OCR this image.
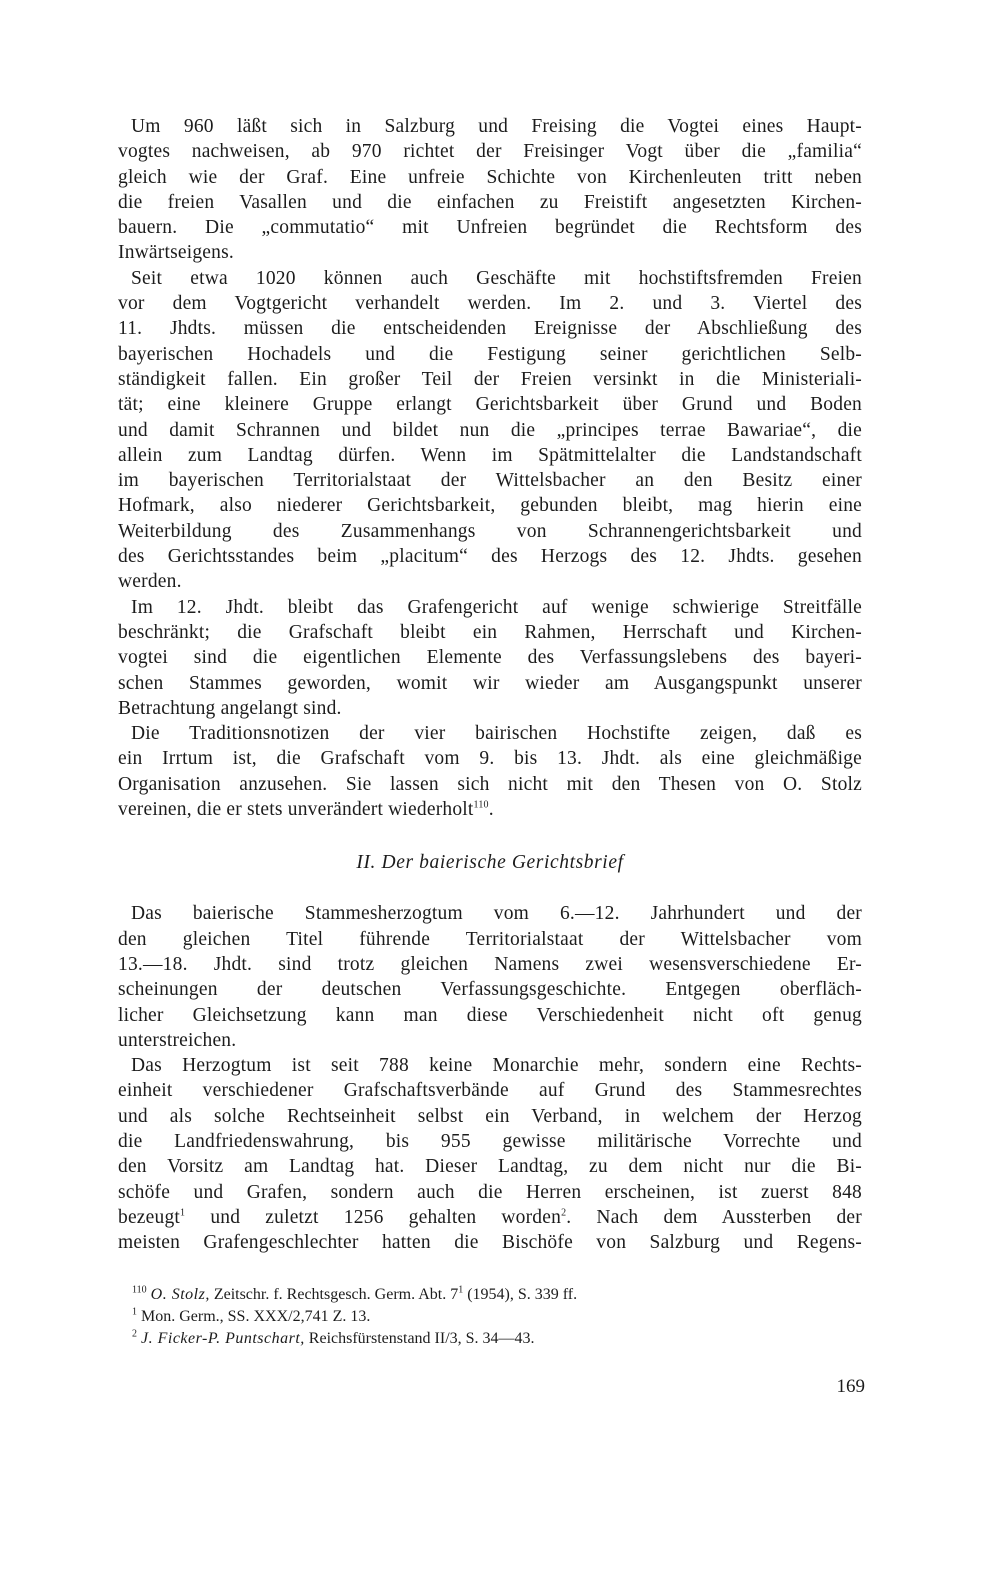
Um 960 läßt sich in Salzburg und Freising die Vogtei eines Haupt-
vogtes nachweisen, ab 970 richtet der Freisinger Vogt über die „familia“
gleich wie der Graf. Eine unfreie Schichte von Kirchenleuten tritt neben
die freien Vasallen und die einfachen zu Freistift angesetzten Kirchen-
bauern. Die „commutatio“ mit Unfreien begründet die Rechtsform des
Inwärtseigens.

Seit etwa 1020 können auch Geschäfte mit hochstiftsfremden Freien
vor dem Vogtgericht verhandelt werden. Im 2. und 3. Viertel des
11. Jhdts. müssen die entscheidenden Ereignisse der Abschließung des
bayerischen Hochadels und die Festigung seiner gerichtlichen Selb-
ständigkeit fallen. Ein großer Teil der Freien versinkt in die Ministeriali-
tät; eine kleinere Gruppe erlangt Gerichtsbarkeit über Grund und Boden
und damit Schrannen und bildet nun die „principes terrae Bawariae“, die
allein zum Landtag dürfen. Wenn im Spätmittelalter die Landstandschaft
im bayerischen Territorialstaat der Wittelsbacher an den Besitz einer
Hofmark, also niederer Gerichtsbarkeit, gebunden bleibt, mag hierin eine
Weiterbildung des Zusammenhangs von Schrannengerichtsbarkeit und
des Gerichtsstandes beim „placitum“ des Herzogs des 12. Jhdts. gesehen
werden.

Im 12. Jhdt. bleibt das Grafengericht auf wenige schwierige Streitfälle
beschränkt; die Grafschaft bleibt ein Rahmen, Herrschaft und Kirchen-
vogtei sind die eigentlichen Elemente des Verfassungslebens des bayeri-
schen Stammes geworden, womit wir wieder am Ausgangspunkt unserer
Betrachtung angelangt sind.

Die Traditionsnotizen der vier bairischen Hochstifte zeigen, daß es
ein Irrtum ist, die Grafschaft vom 9. bis 13. Jhdt. als eine gleichmäßige
Organisation anzusehen. Sie lassen sich nicht mit den Thesen von O. Stolz
vereinen, die er stets unverändert wiederholt$^{110}$.

II. Der baierische Gerichtsbrief

Das baierische Stammesherzogtum vom 6.—12. Jahrhundert und der
den gleichen Titel führende Territorialstaat der Wittelsbacher vom
13.—18. Jhdt. sind trotz gleichen Namens zwei wesensverschiedene Er-
scheinungen der deutschen Verfassungsgeschichte. Entgegen oberfläch-
licher Gleichsetzung kann man diese Verschiedenheit nicht oft genug
unterstreichen.

Das Herzogtum ist seit 788 keine Monarchie mehr, sondern eine Rechts-
einheit verschiedener Grafschaftsverbände auf Grund des Stammesrechtes
und als solche Rechtseinheit selbst ein Verband, in welchem der Herzog
die Landfriedenswahrung, bis 955 gewisse militärische Vorrechte und
den Vorsitz am Landtag hat. Dieser Landtag, zu dem nicht nur die Bi-
schöfe und Grafen, sondern auch die Herren erscheinen, ist zuerst 848
bezeugt$^1$ und zuletzt 1256 gehalten worden$^2$. Nach dem Aussterben der
meisten Grafengeschlechter hatten die Bischöfe von Salzburg und Regens-

$^{110}$ O. Stolz, Zeitschr. f. Rechtsgesch. Germ. Abt. $7^1$ (1954), S. 339 ff.
$^1$ Mon. Germ., SS. XXX/2,741 Z. 13.
$^2$ J. Ficker-P. Puntschart, Reichsfürstenstand II/3, S. 34—43.
169
